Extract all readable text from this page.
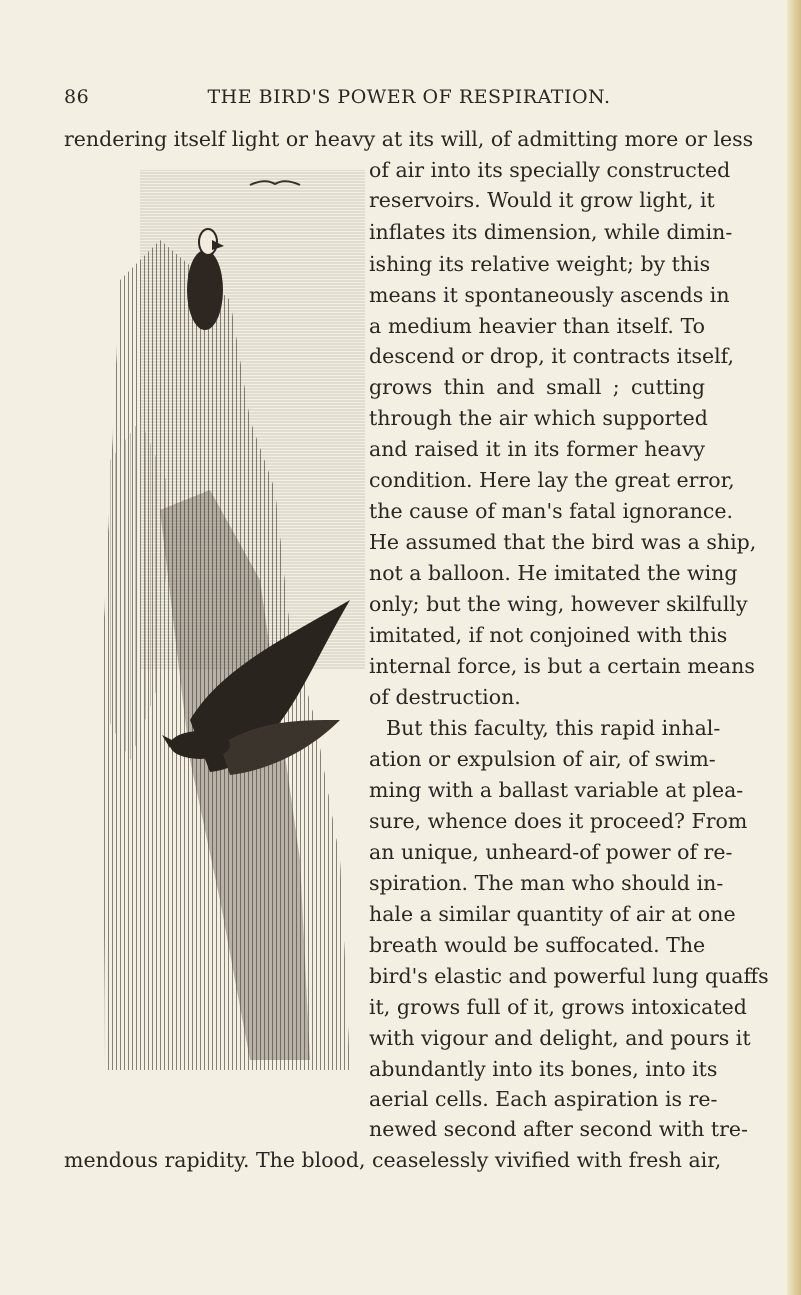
86	THE BIRD'S POWER OF RESPIRATION.
rendering itself light or heavy at its will, of admitting more or less
of air into its specially constructed
reservoirs. Would it grow light, it
inflates its dimension, while dimin-
ishing its relative weight; by this
means it spontaneously ascends in
a medium heavier than itself. To
descend or drop, it contracts itself,
grows thin and small ; cutting
through the air which supported
and raised it in its former heavy
condition. Here lay the great error,
the cause of man's fatal ignorance.
He assumed that the bird was a ship,
not a balloon. He imitated the wing
only; but the wing, however skilfully
imitated, if not conjoined with this
internal force, is but a certain means
of destruction.
But this faculty, this rapid inhal-
ation or expulsion of air, of swim-
ming with a ballast variable at plea-
sure, whence does it proceed? From
an unique, unheard-of power of re-
spiration. The man who should in-
hale a similar quantity of air at one
breath would be suffocated. The
bird's elastic and powerful lung quaffs
it, grows full of it, grows intoxicated
with vigour and delight, and pours it
abundantly into its bones, into its
aerial cells. Each aspiration is re-
newed second after second with tre-
mendous rapidity. The blood, ceaselessly vivified with fresh air,
